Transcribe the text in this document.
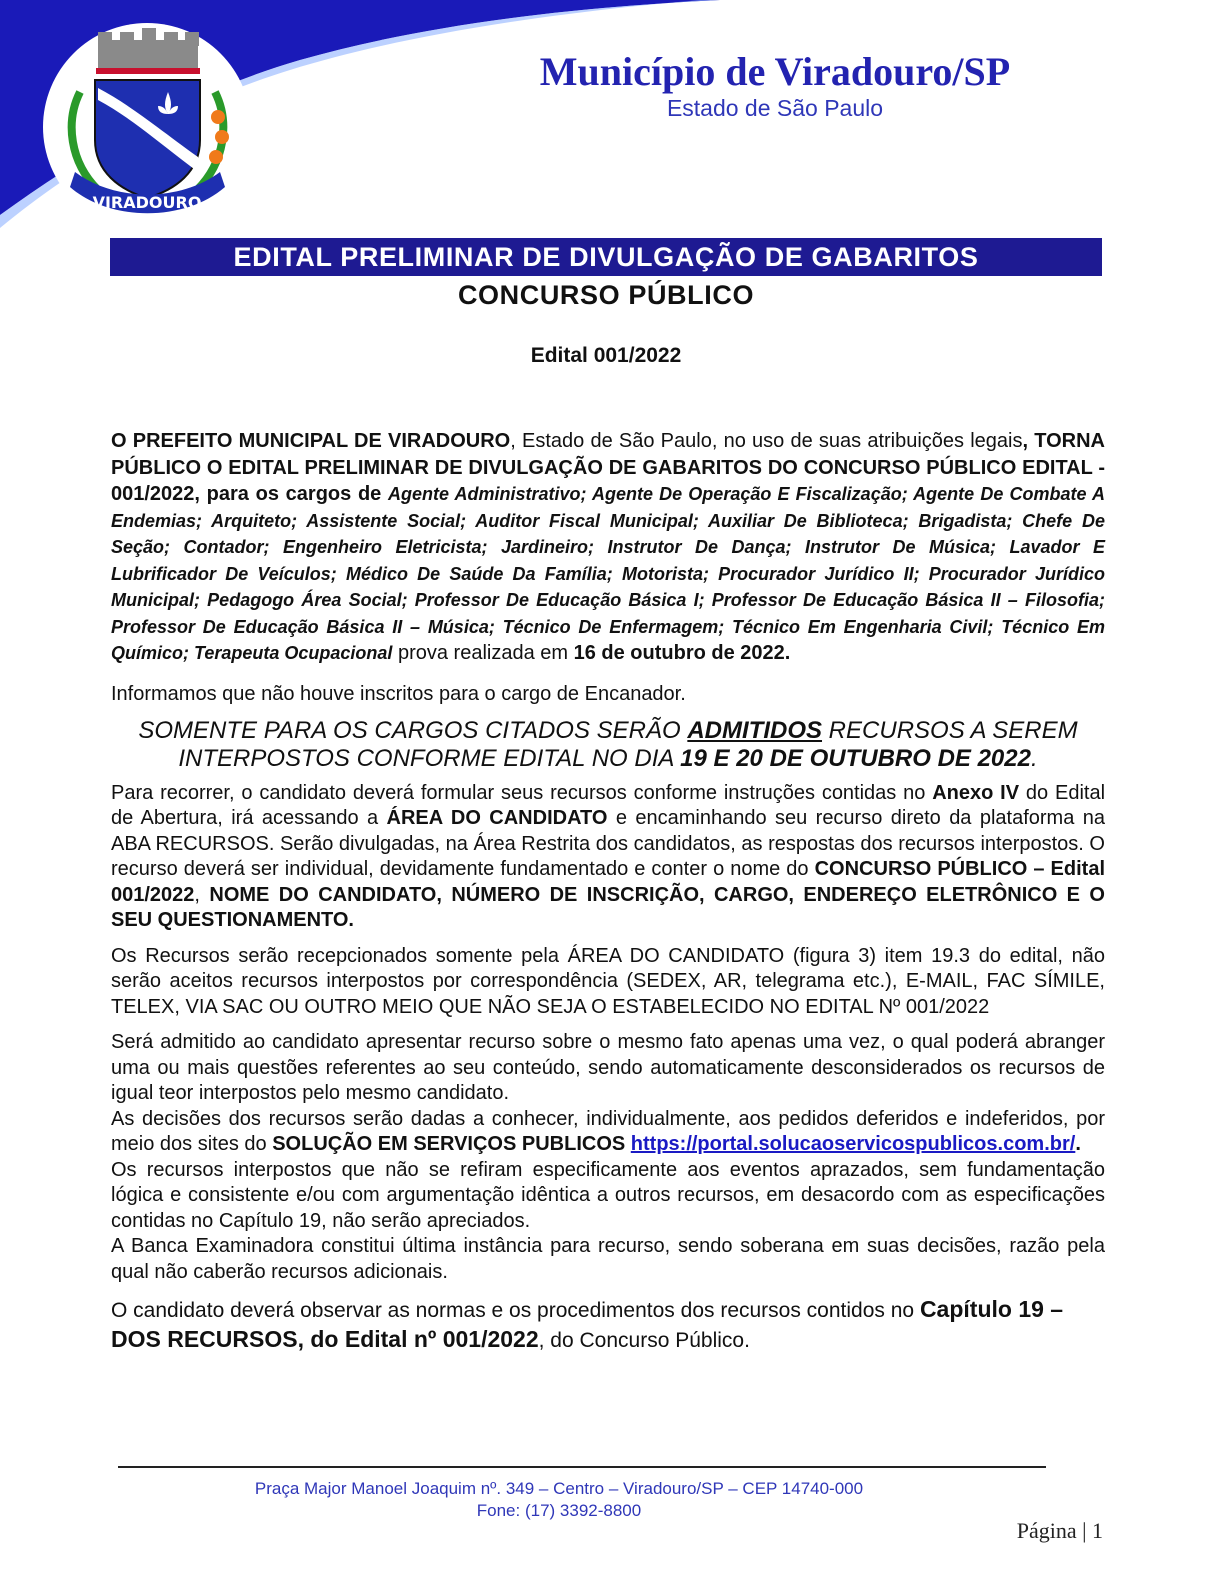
VIRADOURO
Município de Viradouro/SP
Estado de São Paulo
EDITAL PRELIMINAR DE DIVULGAÇÃO DE GABARITOS
CONCURSO PÚBLICO
Edital 001/2022

O PREFEITO MUNICIPAL DE VIRADOURO, Estado de São Paulo, no uso de suas atribuições legais, TORNA PÚBLICO O EDITAL PRELIMINAR DE DIVULGAÇÃO DE GABARITOS DO CONCURSO PÚBLICO EDITAL - 001/2022, para os cargos de Agente Administrativo; Agente De Operação E Fiscalização; Agente De Combate A Endemias; Arquiteto; Assistente Social; Auditor Fiscal Municipal; Auxiliar De Biblioteca; Brigadista; Chefe De Seção; Contador; Engenheiro Eletricista; Jardineiro; Instrutor De Dança; Instrutor De Música; Lavador E Lubrificador De Veículos; Médico De Saúde Da Família; Motorista; Procurador Jurídico II; Procurador Jurídico Municipal; Pedagogo Área Social; Professor De Educação Básica I; Professor De Educação Básica II – Filosofia; Professor De Educação Básica II – Música; Técnico De Enfermagem; Técnico Em Engenharia Civil; Técnico Em Químico; Terapeuta Ocupacional prova realizada em 16 de outubro de 2022.

Informamos que não houve inscritos para o cargo de Encanador.

SOMENTE PARA OS CARGOS CITADOS SERÃO ADMITIDOS RECURSOS A SEREM INTERPOSTOS CONFORME EDITAL NO DIA 19 E 20 DE OUTUBRO DE 2022.

Para recorrer, o candidato deverá formular seus recursos conforme instruções contidas no Anexo IV do Edital de Abertura, irá acessando a ÁREA DO CANDIDATO e encaminhando seu recurso direto da plataforma na ABA RECURSOS. Serão divulgadas, na Área Restrita dos candidatos, as respostas dos recursos interpostos. O recurso deverá ser individual, devidamente fundamentado e conter o nome do CONCURSO PÚBLICO – Edital 001/2022, NOME DO CANDIDATO, NÚMERO DE INSCRIÇÃO, CARGO, ENDEREÇO ELETRÔNICO E O SEU QUESTIONAMENTO.

Os Recursos serão recepcionados somente pela ÁREA DO CANDIDATO (figura 3) item 19.3 do edital, não serão aceitos recursos interpostos por correspondência (SEDEX, AR, telegrama etc.), E-MAIL, FAC SÍMILE, TELEX, VIA SAC OU OUTRO MEIO QUE NÃO SEJA O ESTABELECIDO NO EDITAL Nº 001/2022

Será admitido ao candidato apresentar recurso sobre o mesmo fato apenas uma vez, o qual poderá abranger uma ou mais questões referentes ao seu conteúdo, sendo automaticamente desconsiderados os recursos de igual teor interpostos pelo mesmo candidato.

As decisões dos recursos serão dadas a conhecer, individualmente, aos pedidos deferidos e indeferidos, por meio dos sites do SOLUÇÃO EM SERVIÇOS PUBLICOS https://portal.solucaoservicospublicos.com.br/.

Os recursos interpostos que não se refiram especificamente aos eventos aprazados, sem fundamentação lógica e consistente e/ou com argumentação idêntica a outros recursos, em desacordo com as especificações contidas no Capítulo 19, não serão apreciados.

A Banca Examinadora constitui última instância para recurso, sendo soberana em suas decisões, razão pela qual não caberão recursos adicionais.

O candidato deverá observar as normas e os procedimentos dos recursos contidos no Capítulo 19 – DOS RECURSOS, do Edital nº 001/2022, do Concurso Público.

Praça Major Manoel Joaquim nº. 349 – Centro – Viradouro/SP – CEP 14740-000
Fone: (17) 3392-8800
Página | 1
